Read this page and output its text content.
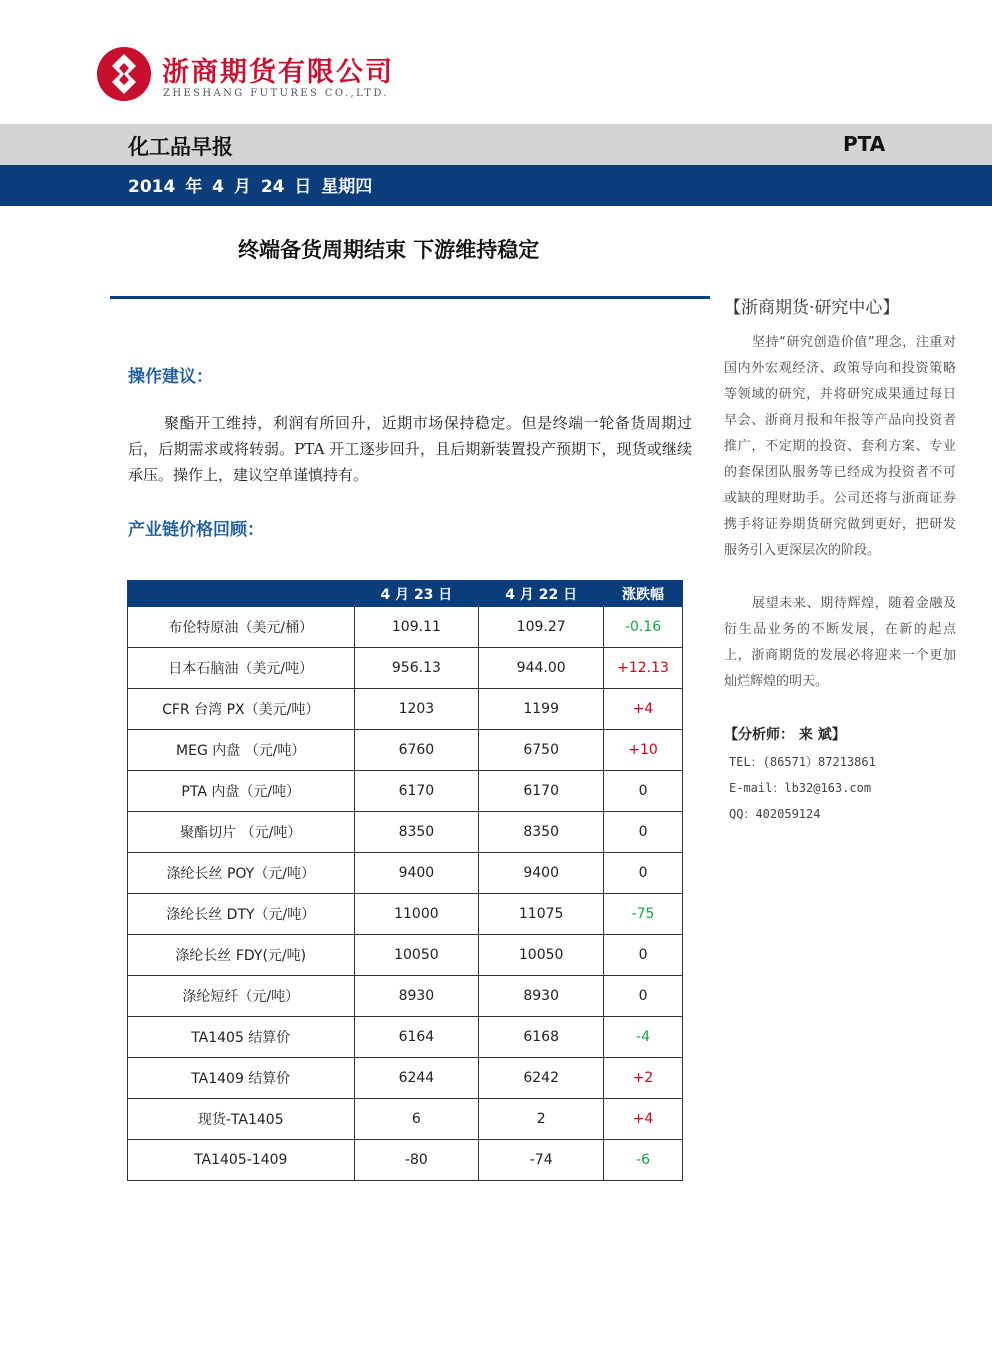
浙商期货有限公司
ZHESHANG FUTURES CO.,LTD.
化工品早报	PTA
2014 年 4 月 24 日 星期四
终端备货周期结束 下游维持稳定
操作建议：
聚酯开工维持，利润有所回升，近期市场保持稳定。但是终端一轮备货周期过后，后期需求或将转弱。PTA 开工逐步回升，且后期新装置投产预期下，现货或继续承压。操作上，建议空单谨慎持有。
产业链价格回顾：
	4 月 23 日	4 月 22 日	涨跌幅
布伦特原油（美元/桶）	109.11	109.27	-0.16
日本石脑油（美元/吨）	956.13	944.00	+12.13
CFR 台湾 PX（美元/吨）	1203	1199	+4
MEG 内盘 （元/吨）	6760	6750	+10
PTA 内盘（元/吨）	6170	6170	0
聚酯切片 （元/吨）	8350	8350	0
涤纶长丝 POY（元/吨）	9400	9400	0
涤纶长丝 DTY（元/吨）	11000	11075	-75
涤纶长丝 FDY(元/吨)	10050	10050	0
涤纶短纤（元/吨）	8930	8930	0
TA1405 结算价	6164	6168	-4
TA1409 结算价	6244	6242	+2
现货-TA1405	6	2	+4
TA1405-1409	-80	-74	-6
【浙商期货·研究中心】
坚持“研究创造价值”理念，注重对国内外宏观经济、政策导向和投资策略等领域的研究，并将研究成果通过每日早会、浙商月报和年报等产品向投资者推广，不定期的投资、套利方案、专业的套保团队服务等已经成为投资者不可或缺的理财助手。公司还将与浙商证券携手将证券期货研究做到更好，把研发服务引入更深层次的阶段。
展望未来、期待辉煌，随着金融及衍生品业务的不断发展，在新的起点上，浙商期货的发展必将迎来一个更加灿烂辉煌的明天。
【分析师： 来 斌】
TEL：(86571）87213861
E-mail：lb32@163.com
QQ：402059124
